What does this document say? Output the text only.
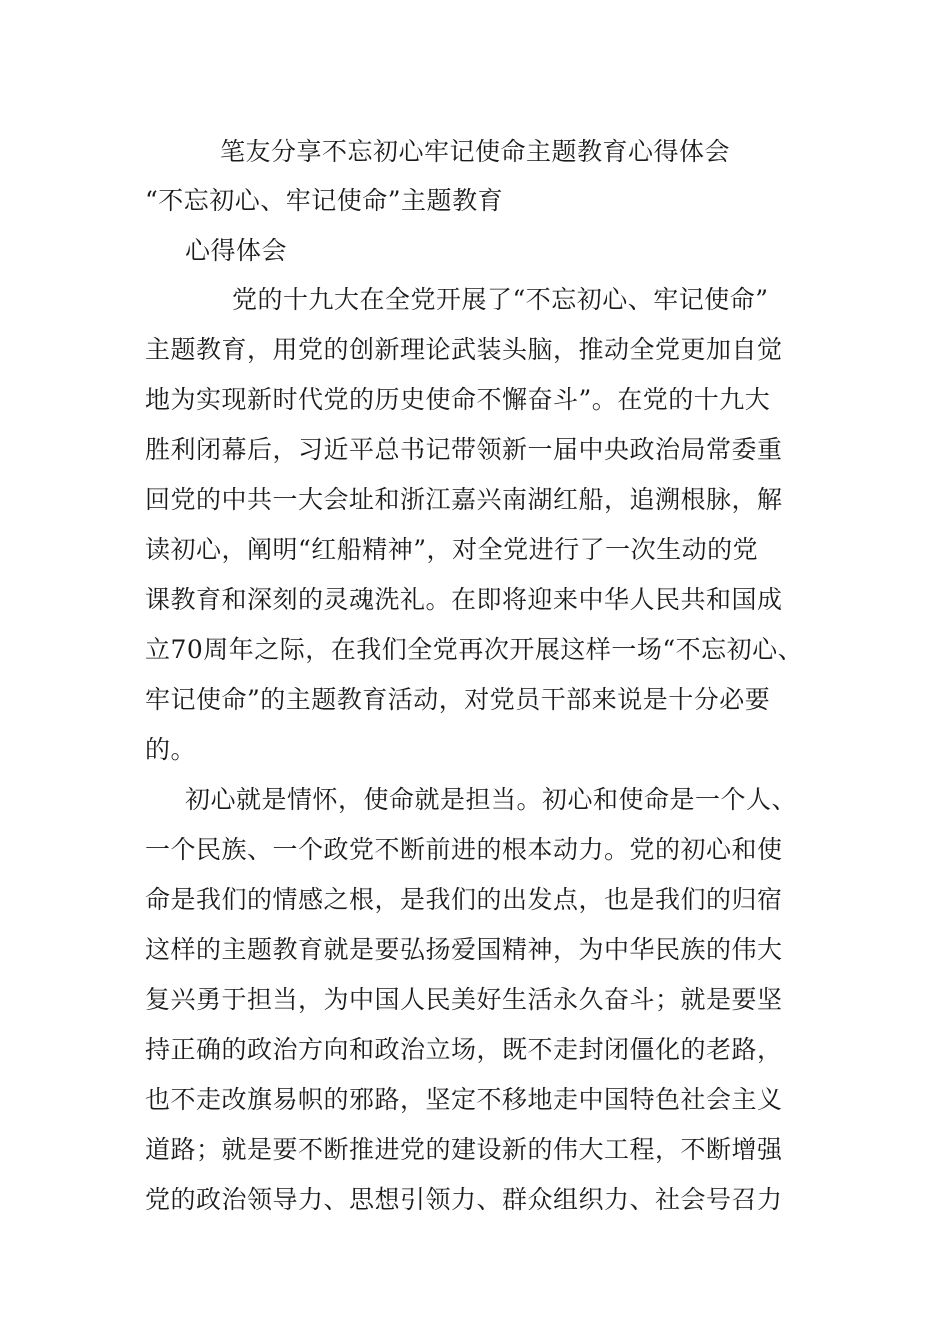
笔友分享不忘初心牢记使命主题教育心得体会
“不忘初心、牢记使命”主题教育
心得体会
党的十九大在全党开展了“不忘初心、牢记使命”
主题教育，用党的创新理论武装头脑，推动全党更加自觉
地为实现新时代党的历史使命不懈奋斗”。在党的十九大
胜利闭幕后，习近平总书记带领新一届中央政治局常委重
回党的中共一大会址和浙江嘉兴南湖红船，追溯根脉，解
读初心，阐明“红船精神”，对全党进行了一次生动的党
课教育和深刻的灵魂洗礼。在即将迎来中华人民共和国成
立70周年之际，在我们全党再次开展这样一场“不忘初心、
牢记使命”的主题教育活动，对党员干部来说是十分必要
的。
初心就是情怀，使命就是担当。初心和使命是一个人、
一个民族、一个政党不断前进的根本动力。党的初心和使
命是我们的情感之根，是我们的出发点，也是我们的归宿
这样的主题教育就是要弘扬爱国精神，为中华民族的伟大
复兴勇于担当，为中国人民美好生活永久奋斗；就是要坚
持正确的政治方向和政治立场，既不走封闭僵化的老路，
也不走改旗易帜的邪路，坚定不移地走中国特色社会主义
道路；就是要不断推进党的建设新的伟大工程，不断增强
党的政治领导力、思想引领力、群众组织力、社会号召力
